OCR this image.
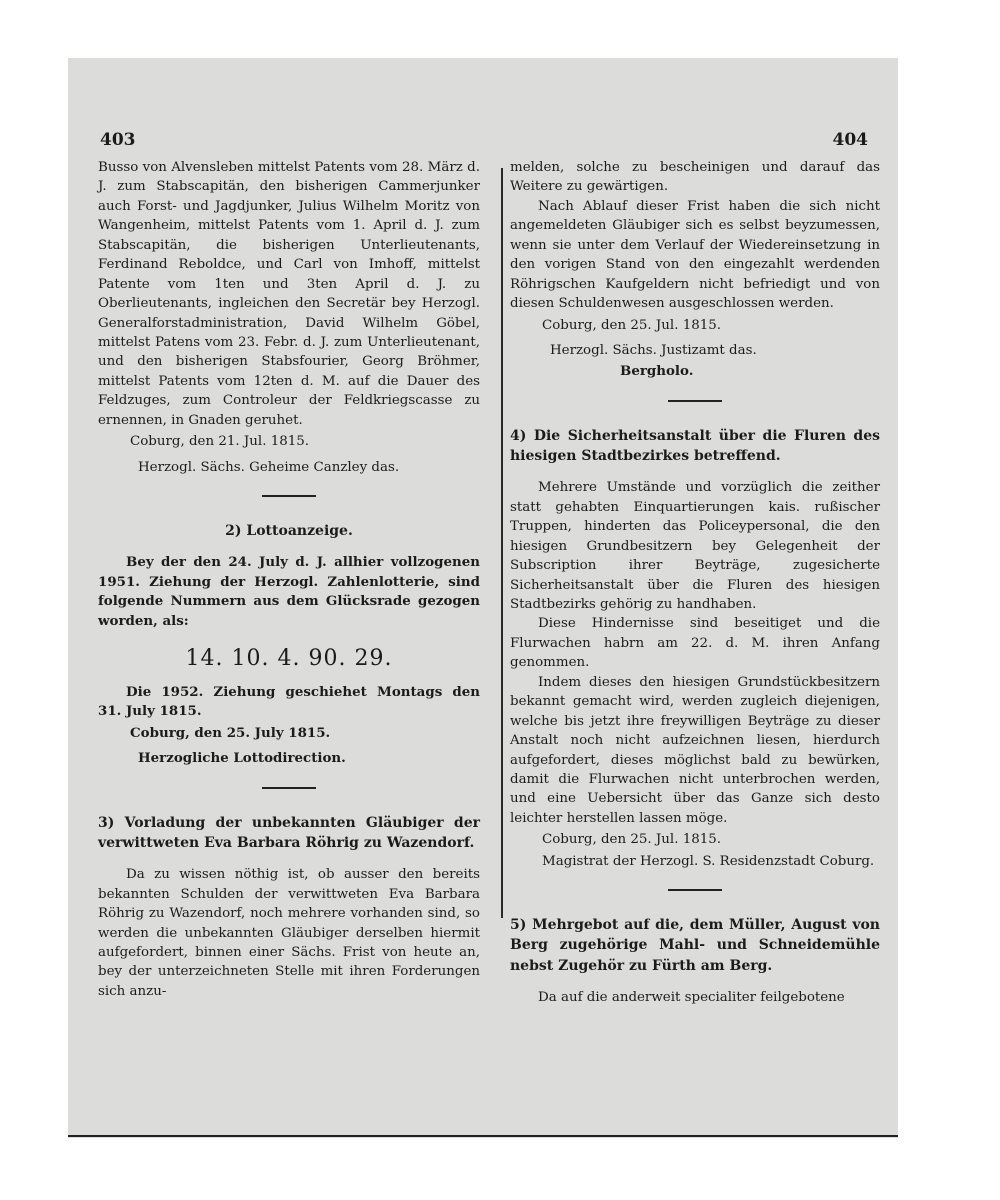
403	404

Busso von Alvensleben mittelst Patents vom 28. März d. J. zum Stabscapitän, den bisherigen Cammerjunker auch Forst- und Jagdjunker, Julius Wilhelm Moritz von Wangenheim, mittelst Patents vom 1. April d. J. zum Stabscapitän, die bisherigen Unterlieutenants, Ferdinand Reboldce, und Carl von Imhoff, mittelst Patente vom 1ten und 3ten April d. J. zu Oberlieutenants, ingleichen den Secretär bey Herzogl. Generalforstadministration, David Wilhelm Göbel, mittelst Patens vom 23. Febr. d. J. zum Unterlieutenant, und den bisherigen Stabsfourier, Georg Bröhmer, mittelst Patents vom 12ten d. M. auf die Dauer des Feldzuges, zum Controleur der Feldkriegscasse zu ernennen, in Gnaden geruhet.

Coburg, den 21. Jul. 1815.
Herzogl. Sächs. Geheime Canzley das.
2) Lottoanzeige.

Bey der den 24. July d. J. allhier vollzogenen 1951. Ziehung der Herzogl. Zahlenlotterie, sind folgende Nummern aus dem Glücksrade gezogen worden, als:

14. 10. 4. 90. 29.

Die 1952. Ziehung geschiehet Montags den 31. July 1815.

Coburg, den 25. July 1815.
Herzogliche Lottodirection.

3) Vorladung der unbekannten Gläubiger der verwittweten Eva Barbara Röhrig zu Wazendorf.

Da zu wissen nöthig ist, ob ausser den bereits bekannten Schulden der verwittweten Eva Barbara Röhrig zu Wazendorf, noch mehrere vorhanden sind, so werden die unbekannten Gläubiger derselben hiermit aufgefordert, binnen einer Sächs. Frist von heute an, bey der unterzeichneten Stelle mit ihren Forderungen sich anzu-

melden, solche zu bescheinigen und darauf das Weitere zu gewärtigen.

Nach Ablauf dieser Frist haben die sich nicht angemeldeten Gläubiger sich es selbst beyzumessen, wenn sie unter dem Verlauf der Wiedereinsetzung in den vorigen Stand von den eingezahlt werdenden Röhrigschen Kaufgeldern nicht befriedigt und von diesen Schuldenwesen ausgeschlossen werden.

Coburg, den 25. Jul. 1815.
Herzogl. Sächs. Justizamt das.
Bergholo.

4) Die Sicherheitsanstalt über die Fluren des hiesigen Stadtbezirkes betreffend.

Mehrere Umstände und vorzüglich die zeither statt gehabten Einquartierungen kais. rußischer Truppen, hinderten das Policeypersonal, die den hiesigen Grundbesitzern bey Gelegenheit der Subscription ihrer Beyträge, zugesicherte Sicherheitsanstalt über die Fluren des hiesigen Stadtbezirks gehörig zu handhaben.

Diese Hindernisse sind beseitiget und die Flurwachen habrn am 22. d. M. ihren Anfang genommen.

Indem dieses den hiesigen Grundstückbesitzern bekannt gemacht wird, werden zugleich diejenigen, welche bis jetzt ihre freywilligen Beyträge zu dieser Anstalt noch nicht aufzeichnen liesen, hierdurch aufgefordert, dieses möglichst bald zu bewürken, damit die Flurwachen nicht unterbrochen werden, und eine Uebersicht über das Ganze sich desto leichter herstellen lassen möge.

Coburg, den 25. Jul. 1815.
Magistrat der Herzogl. S. Residenzstadt Coburg.

5) Mehrgebot auf die, dem Müller, August von Berg zugehörige Mahl- und Schneidemühle nebst Zugehör zu Fürth am Berg.

Da auf die anderweit specialiter feilgebotene
